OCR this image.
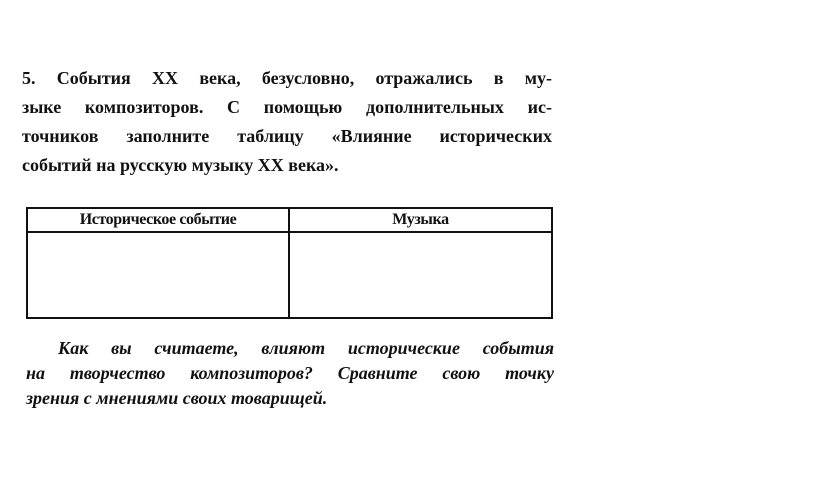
5. События XX века, безусловно, отражались в му-
зыке композиторов. С помощью дополнительных ис-
точников заполните таблицу «Влияние исторических
событий на русскую музыку XX века».
Историческое событие	Музыка

Как вы считаете, влияют исторические события
на творчество композиторов? Сравните свою точку
зрения с мнениями своих товарищей.
